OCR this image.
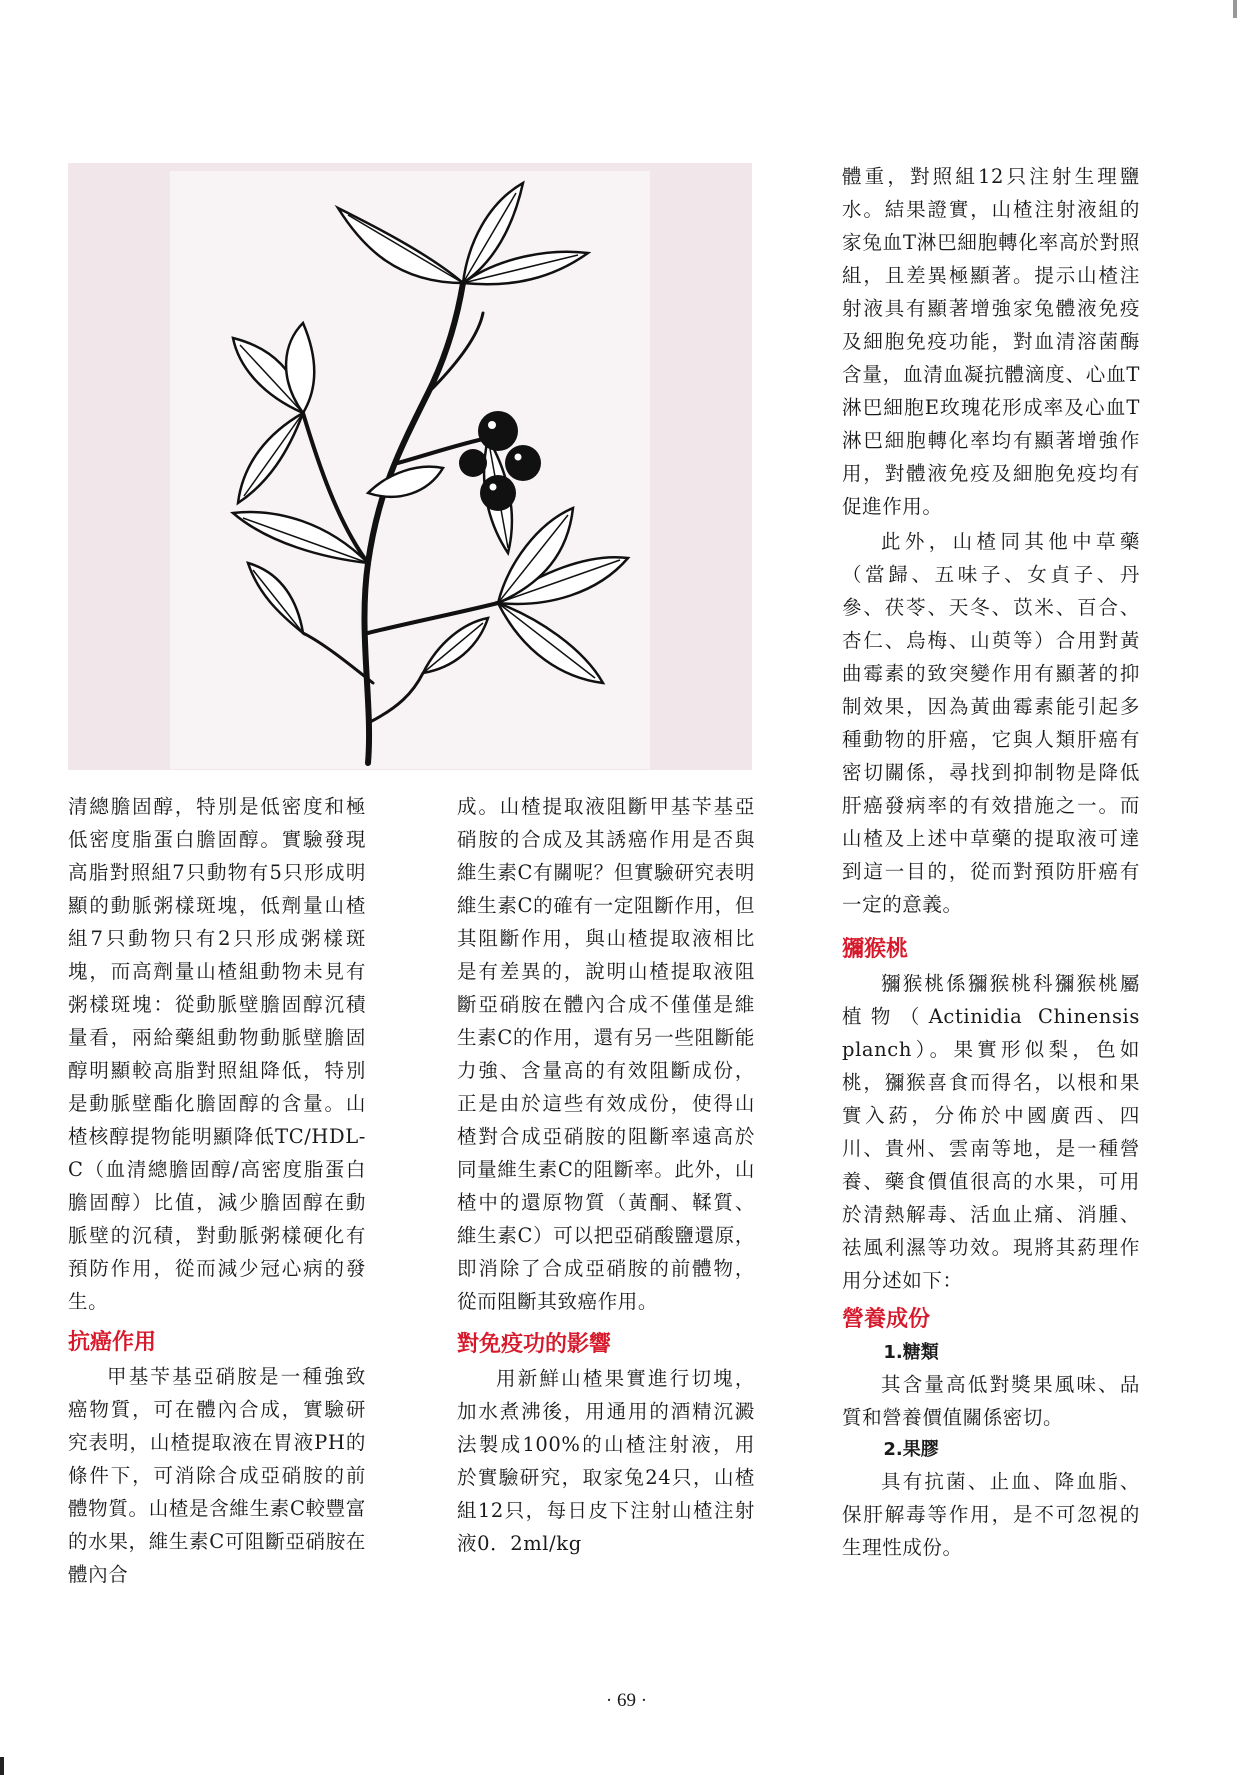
清總膽固醇，特別是低密度和極低密度脂蛋白膽固醇。實驗發現高脂對照組7只動物有5只形成明顯的動脈粥樣斑塊，低劑量山楂組7只動物只有2只形成粥樣斑塊，而高劑量山楂組動物未見有粥樣斑塊：從動脈壁膽固醇沉積量看，兩給藥組動物動脈壁膽固醇明顯較高脂對照組降低，特別是動脈壁酯化膽固醇的含量。山楂核醇提物能明顯降低TC/HDL-C（血清總膽固醇/高密度脂蛋白膽固醇）比值，減少膽固醇在動脈壁的沉積，對動脈粥樣硬化有預防作用，從而減少冠心病的發生。

抗癌作用

甲基苄基亞硝胺是一種強致癌物質，可在體內合成，實驗研究表明，山楂提取液在胃液PH的條件下，可消除合成亞硝胺的前體物質。山楂是含維生素C較豐富的水果，維生素C可阻斷亞硝胺在體內合

成。山楂提取液阻斷甲基苄基亞硝胺的合成及其誘癌作用是否與維生素C有關呢？但實驗研究表明維生素C的確有一定阻斷作用，但其阻斷作用，與山楂提取液相比是有差異的，說明山楂提取液阻斷亞硝胺在體內合成不僅僅是維生素C的作用，還有另一些阻斷能力強、含量高的有效阻斷成份，正是由於這些有效成份，使得山楂對合成亞硝胺的阻斷率遠高於同量維生素C的阻斷率。此外，山楂中的還原物質（黃酮、鞣質、維生素C）可以把亞硝酸鹽還原，即消除了合成亞硝胺的前體物，從而阻斷其致癌作用。

對免疫功的影響

用新鮮山楂果實進行切塊，加水煮沸後，用通用的酒精沉澱法製成100%的山楂注射液，用於實驗研究，取家兔24只，山楂組12只，每日皮下注射山楂注射液0．2ml/kg

體重，對照組12只注射生理鹽水。結果證實，山楂注射液組的家兔血T淋巴細胞轉化率高於對照組，且差異極顯著。提示山楂注射液具有顯著增強家兔體液免疫及細胞免疫功能，對血清溶菌酶含量，血清血凝抗體滴度、心血T淋巴細胞E玫瑰花形成率及心血T淋巴細胞轉化率均有顯著增強作用，對體液免疫及細胞免疫均有促進作用。

此外，山楂同其他中草藥（當歸、五味子、女貞子、丹參、茯苓、天冬、苡米、百合、杏仁、烏梅、山萸等）合用對黃曲霉素的致突變作用有顯著的抑制效果，因為黃曲霉素能引起多種動物的肝癌，它與人類肝癌有密切關係，尋找到抑制物是降低肝癌發病率的有效措施之一。而山楂及上述中草藥的提取液可達到這一目的，從而對預防肝癌有一定的意義。

獼猴桃

獼猴桃係獼猴桃科獼猴桃屬植物（Actinidia Chinensis planch）。果實形似梨，色如桃，獼猴喜食而得名，以根和果實入葯，分佈於中國廣西、四川、貴州、雲南等地，是一種營養、藥食價值很高的水果，可用於清熱解毒、活血止痛、消腫、祛風利濕等功效。現將其葯理作用分述如下：

營養成份

1.糖類

其含量高低對獎果風味、品質和營養價值關係密切。

2.果膠

具有抗菌、止血、降血脂、保肝解毒等作用，是不可忽視的生理性成份。

· 69 ·
